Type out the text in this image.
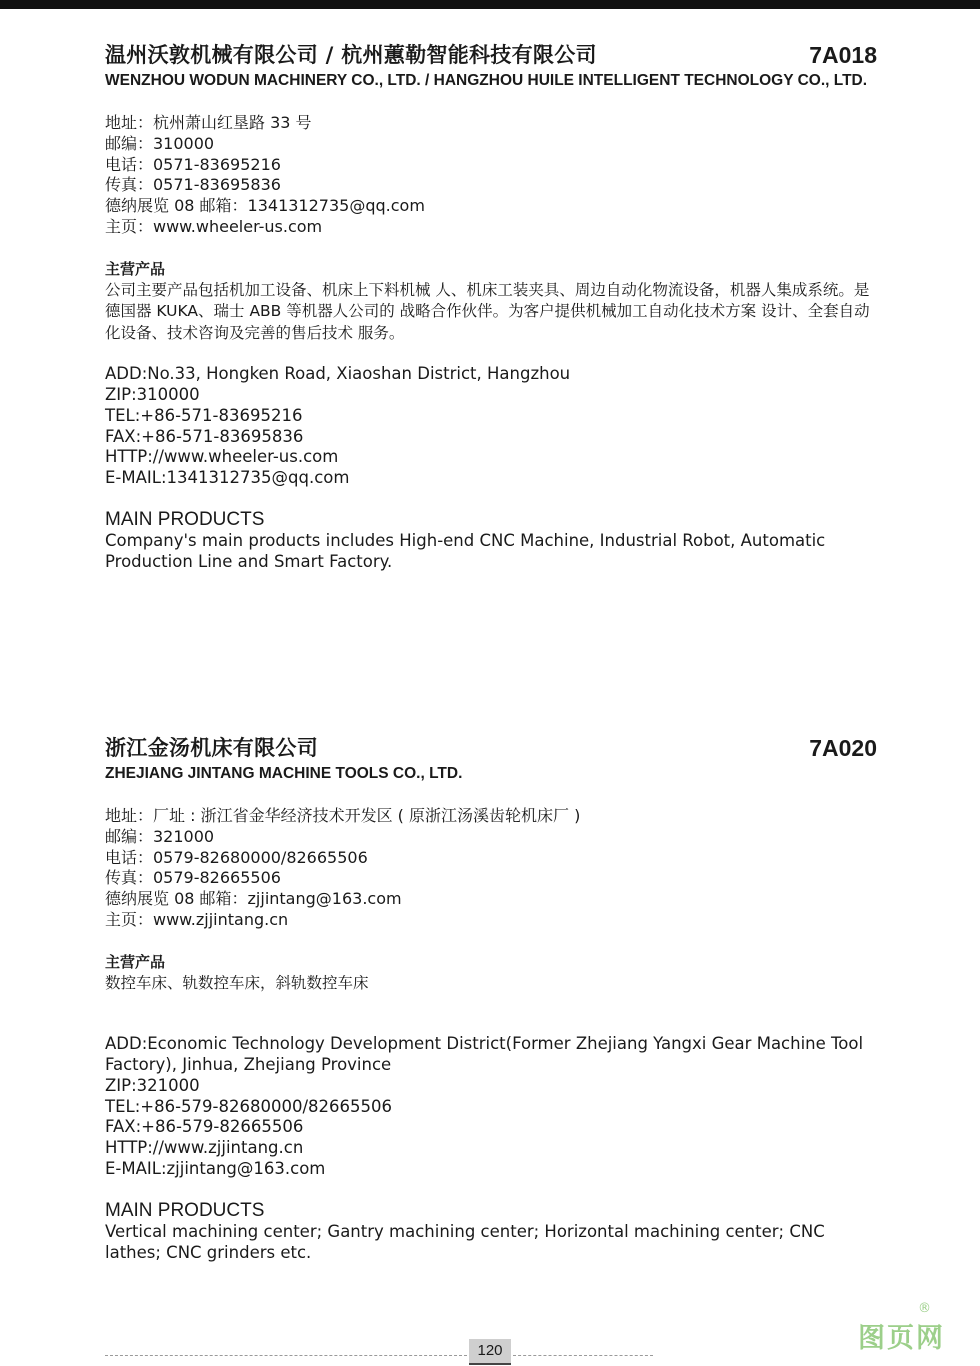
温州沃敦机械有限公司 / 杭州蕙勒智能科技有限公司	7A018
WENZHOU WODUN MACHINERY CO., LTD. / HANGZHOU HUILE INTELLIGENT TECHNOLOGY CO., LTD.
地址：杭州萧山红垦路 33 号
邮编：310000
电话：0571-83695216
传真：0571-83695836
德纳展览 08 邮箱：1341312735@qq.com
主页：www.wheeler-us.com
主营产品
公司主要产品包括机加工设备、机床上下料机械 人、机床工装夹具、周边自动化物流设备，机器人集成系统。是德国器 KUKA、瑞士 ABB 等机器人公司的 战略合作伙伴。为客户提供机械加工自动化技术方案 设计、全套自动化设备、技术咨询及完善的售后技术 服务。
ADD:No.33, Hongken Road, Xiaoshan District, Hangzhou
ZIP:310000
TEL:+86-571-83695216
FAX:+86-571-83695836
HTTP://www.wheeler-us.com
E-MAIL:1341312735@qq.com
MAIN PRODUCTS
Company's main products includes High-end CNC Machine, Industrial Robot, Automatic Production Line and Smart Factory.
浙江金汤机床有限公司	7A020
ZHEJIANG JINTANG MACHINE TOOLS CO., LTD.
地址：厂址 : 浙江省金华经济技术开发区 ( 原浙江汤溪齿轮机床厂 )
邮编：321000
电话：0579-82680000/82665506
传真：0579-82665506
德纳展览 08 邮箱：zjjintang@163.com
主页：www.zjjintang.cn
主营产品
数控车床、轨数控车床，斜轨数控车床
ADD:Economic Technology Development District(Former Zhejiang Yangxi Gear Machine Tool Factory), Jinhua, Zhejiang Province
ZIP:321000
TEL:+86-579-82680000/82665506
FAX:+86-579-82665506
HTTP://www.zjjintang.cn
E-MAIL:zjjintang@163.com
MAIN PRODUCTS
Vertical machining center; Gantry machining center; Horizontal machining center; CNC lathes; CNC grinders etc.
120	图页网
®
